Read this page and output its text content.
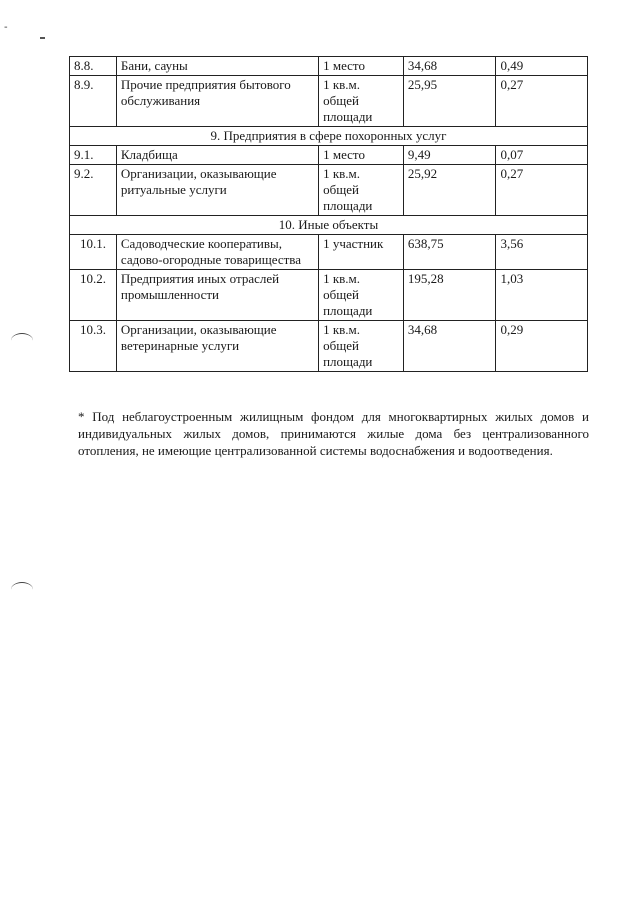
-
8.8.	Бани, сауны	1 место	34,68	0,49
8.9.	Прочие предприятия бытового обслуживания	1 кв.м. общей площади	25,95	0,27
9. Предприятия в сфере похоронных услуг				
9.1.	Кладбища	1 место	9,49	0,07
9.2.	Организации, оказывающие ритуальные услуги	1 кв.м. общей площади	25,92	0,27
10. Иные объекты				
10.1.	Садоводческие кооперативы, садово-огородные товарищества	1 участник	638,75	3,56
10.2.	Предприятия иных отраслей промышленности	1 кв.м. общей площади	195,28	1,03
10.3.	Организации, оказывающие ветеринарные услуги	1 кв.м. общей площади	34,68	0,29
* Под неблагоустроенным жилищным фондом для многоквартирных жилых домов и индивидуальных жилых домов, принимаются жилые дома без централизованного отопления, не имеющие централизованной системы водоснабжения и водоотведения.
